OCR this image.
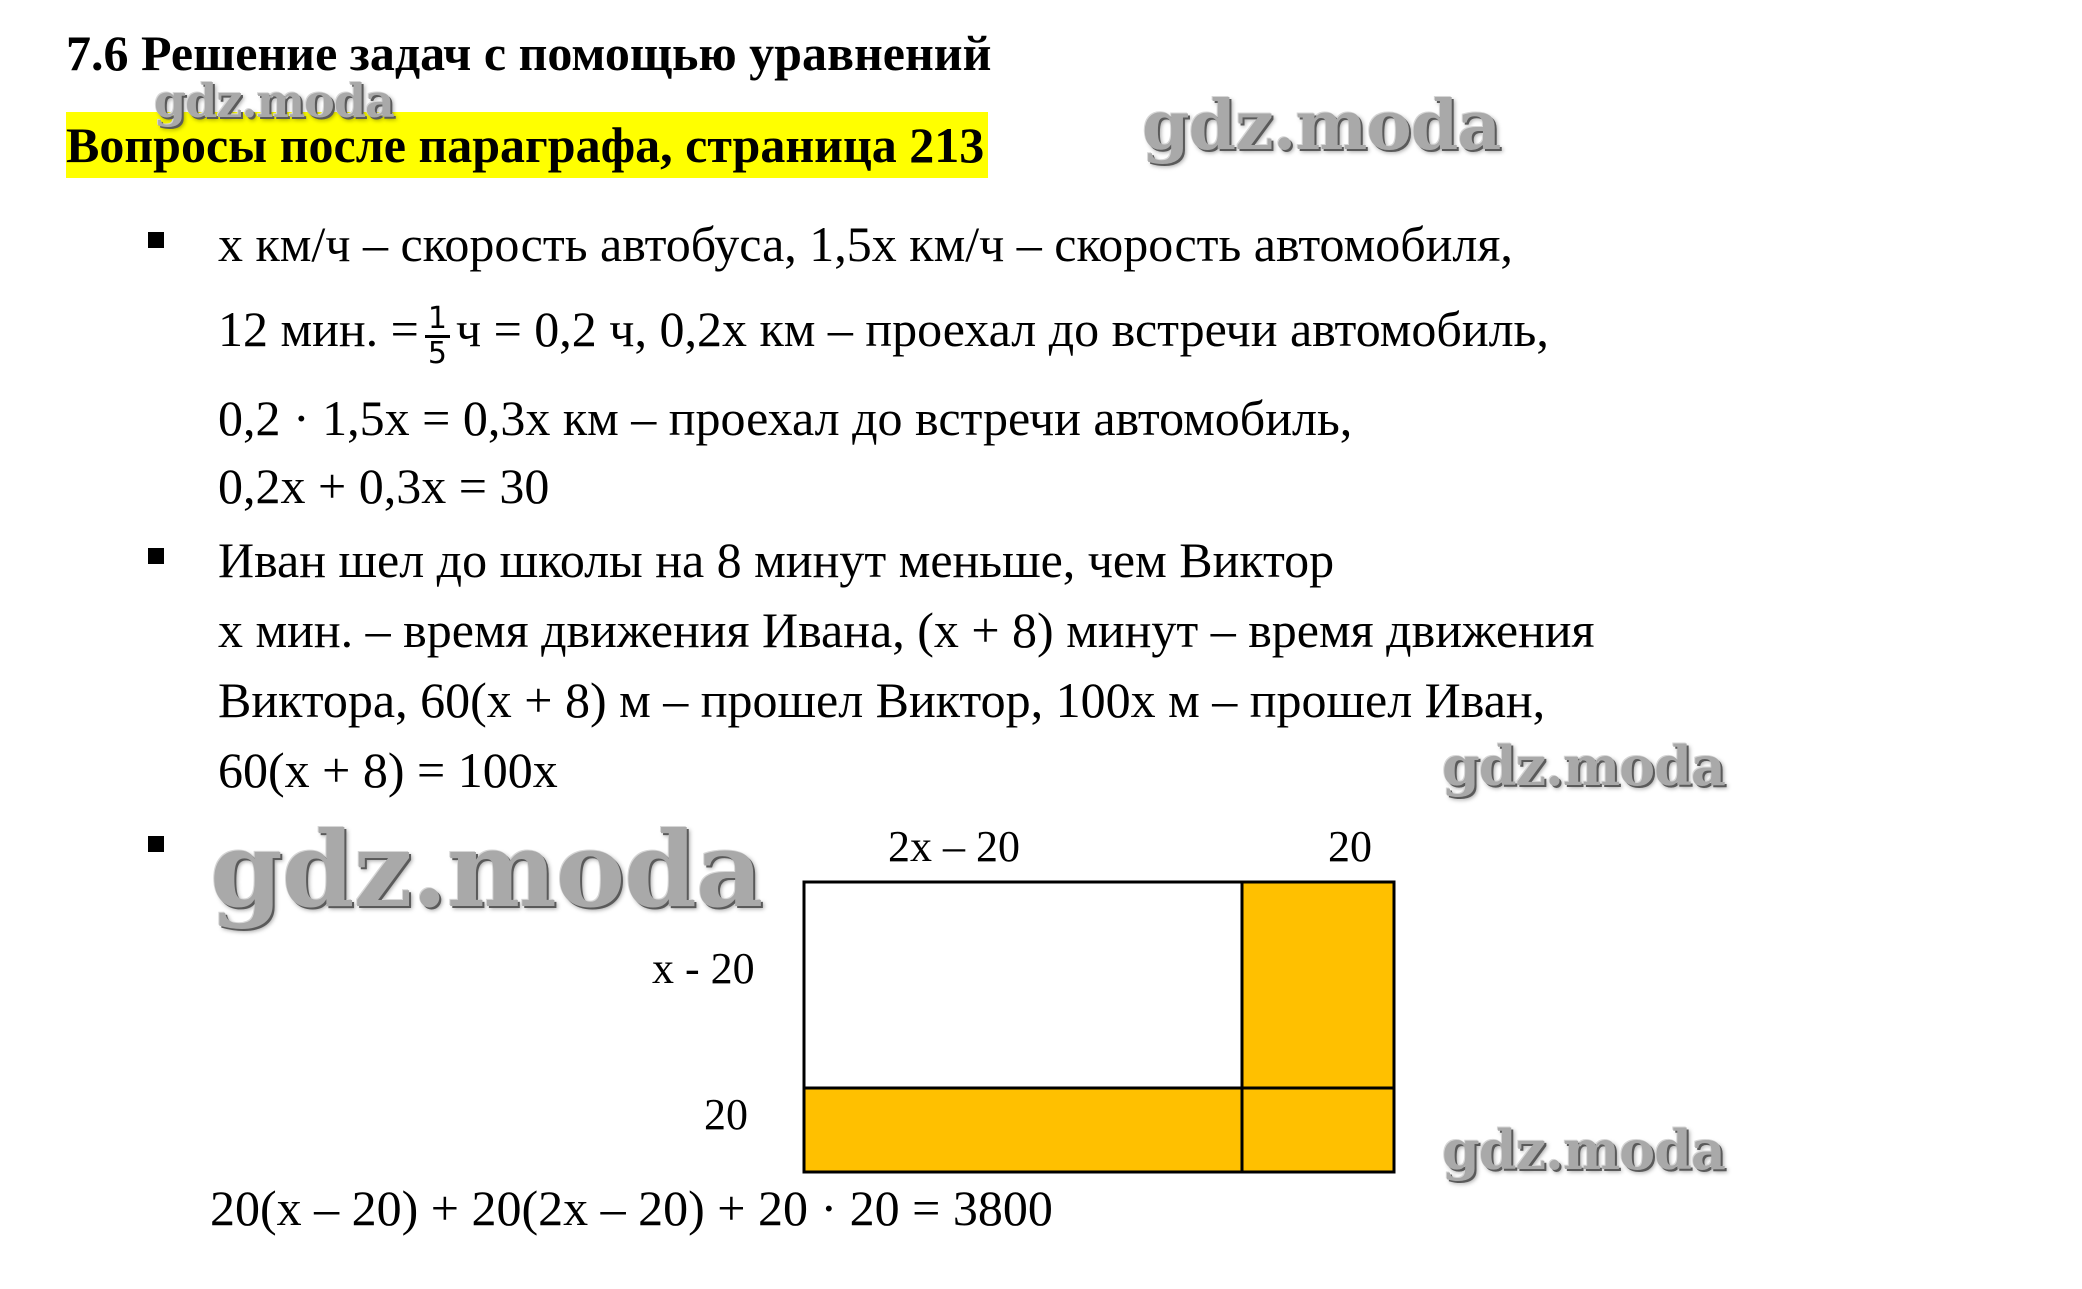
7.6 Решение задач с помощью уравнений
Вопросы после параграфа, страница 213
gdz.moda	gdz.moda
gdz.moda
gdz.moda
gdz.moda
x км/ч – скорость автобуса, 1,5x км/ч – скорость автомобиля,
12 мин. = $\frac{1}{5}$ ч = 0,2 ч, 0,2x км – проехал до встречи автомобиль,
0,2 · 1,5x = 0,3x км – проехал до встречи автомобиль,
0,2x + 0,3x = 30
Иван шел до школы на 8 минут меньше, чем Виктор
x мин. – время движения Ивана, (x + 8) минут – время движения
Виктора, 60(x + 8) м – прошел Виктор, 100x м – прошел Иван,
60(x + 8) = 100x
2x – 20	20
x - 20
20
20(x – 20) + 20(2x – 20) + 20 · 20 = 3800
